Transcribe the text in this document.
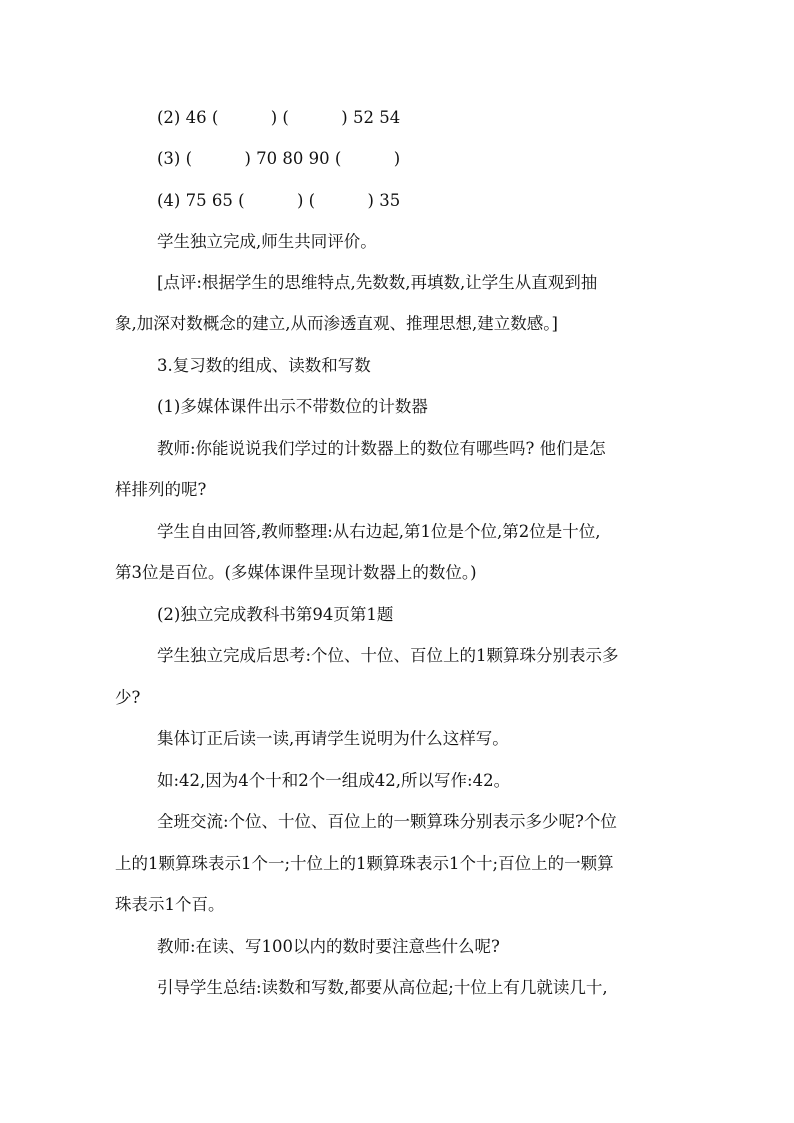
(2) 46 (          ) (          ) 52 54
(3) (          ) 70 80 90 (          )
(4) 75 65 (          ) (          ) 35
学生独立完成,师生共同评价。
[点评:根据学生的思维特点,先数数,再填数,让学生从直观到抽
象,加深对数概念的建立,从而渗透直观、推理思想,建立数感。]
3.复习数的组成、读数和写数
(1)多媒体课件出示不带数位的计数器
教师:你能说说我们学过的计数器上的数位有哪些吗? 他们是怎
样排列的呢?
学生自由回答,教师整理:从右边起,第1位是个位,第2位是十位,
第3位是百位。(多媒体课件呈现计数器上的数位。)
(2)独立完成教科书第94页第1题
学生独立完成后思考:个位、十位、百位上的1颗算珠分别表示多
少?
集体订正后读一读,再请学生说明为什么这样写。
如:42,因为4个十和2个一组成42,所以写作:42。
全班交流:个位、十位、百位上的一颗算珠分别表示多少呢?个位
上的1颗算珠表示1个一;十位上的1颗算珠表示1个十;百位上的一颗算
珠表示1个百。
教师:在读、写100以内的数时要注意些什么呢?
引导学生总结:读数和写数,都要从高位起;十位上有几就读几十,
